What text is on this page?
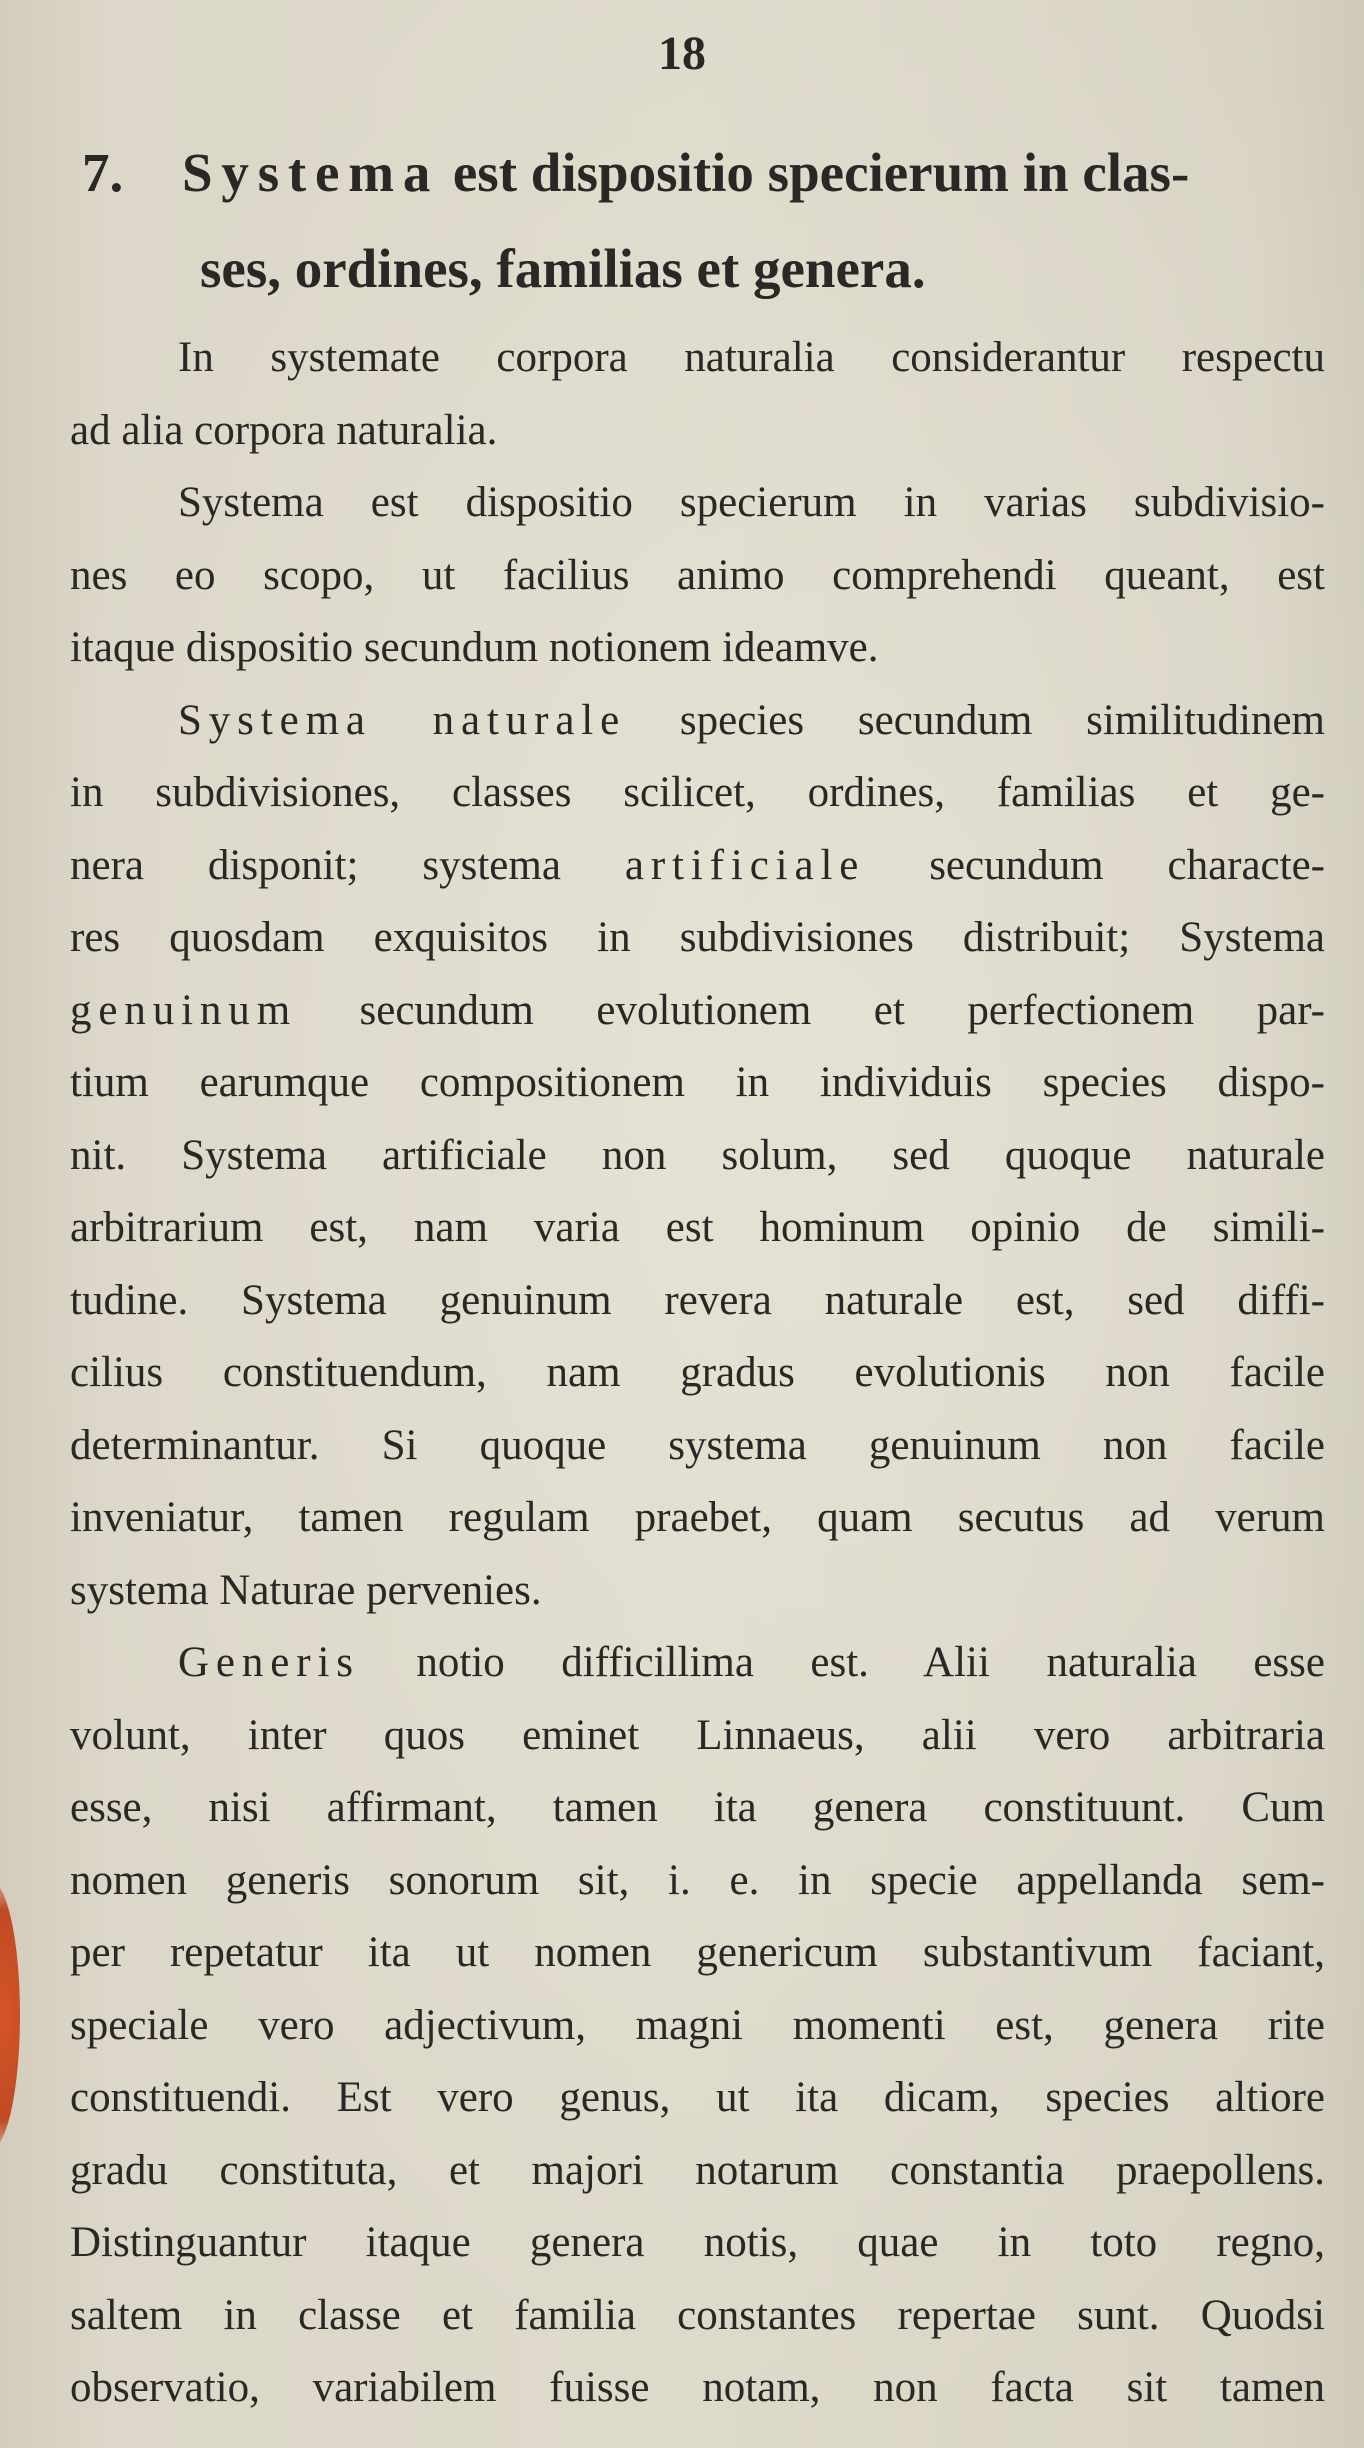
18
7. Systema est dispositio specierum in clas-
ses, ordines, familias et genera.
In systemate corpora naturalia considerantur respectu
ad alia corpora naturalia.
Systema est dispositio specierum in varias subdivisio-
nes eo scopo, ut facilius animo comprehendi queant, est
itaque dispositio secundum notionem ideamve.
Systema naturale species secundum similitudinem
in subdivisiones, classes scilicet, ordines, familias et ge-
nera disponit; systema artificiale secundum characte-
res quosdam exquisitos in subdivisiones distribuit; Systema
genuinum secundum evolutionem et perfectionem par-
tium earumque compositionem in individuis species dispo-
nit. Systema artificiale non solum, sed quoque naturale
arbitrarium est, nam varia est hominum opinio de simili-
tudine. Systema genuinum revera naturale est, sed diffi-
cilius constituendum, nam gradus evolutionis non facile
determinantur. Si quoque systema genuinum non facile
inveniatur, tamen regulam praebet, quam secutus ad verum
systema Naturae pervenies.
Generis notio difficillima est. Alii naturalia esse
volunt, inter quos eminet Linnaeus, alii vero arbitraria
esse, nisi affirmant, tamen ita genera constituunt. Cum
nomen generis sonorum sit, i. e. in specie appellanda sem-
per repetatur ita ut nomen genericum substantivum faciant,
speciale vero adjectivum, magni momenti est, genera rite
constituendi. Est vero genus, ut ita dicam, species altiore
gradu constituta, et majori notarum constantia praepollens.
Distinguantur itaque genera notis, quae in toto regno,
saltem in classe et familia constantes repertae sunt. Quodsi
observatio, variabilem fuisse notam, non facta sit tamen
